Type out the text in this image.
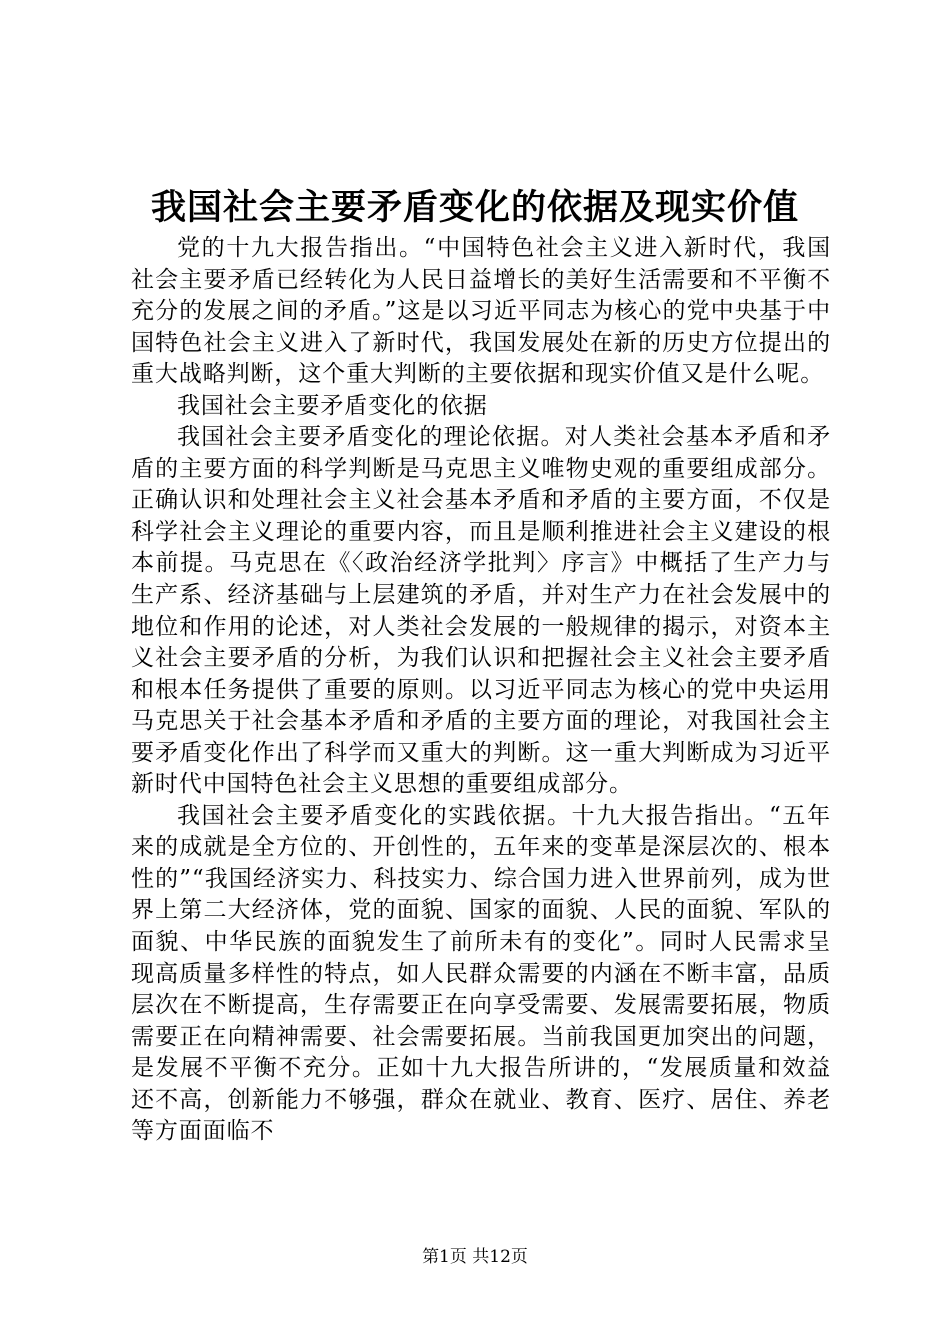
我国社会主要矛盾变化的依据及现实价值

党的十九大报告指出。“中国特色社会主义进入新时代，我国社会主要矛盾已经转化为人民日益增长的美好生活需要和不平衡不充分的发展之间的矛盾。”这是以习近平同志为核心的党中央基于中国特色社会主义进入了新时代，我国发展处在新的历史方位提出的重大战略判断，这个重大判断的主要依据和现实价值又是什么呢。

我国社会主要矛盾变化的依据

我国社会主要矛盾变化的理论依据。对人类社会基本矛盾和矛盾的主要方面的科学判断是马克思主义唯物史观的重要组成部分。正确认识和处理社会主义社会基本矛盾和矛盾的主要方面，不仅是科学社会主义理论的重要内容，而且是顺利推进社会主义建设的根本前提。马克思在《〈政治经济学批判〉序言》中概括了生产力与生产系、经济基础与上层建筑的矛盾，并对生产力在社会发展中的地位和作用的论述，对人类社会发展的一般规律的揭示，对资本主义社会主要矛盾的分析，为我们认识和把握社会主义社会主要矛盾和根本任务提供了重要的原则。以习近平同志为核心的党中央运用马克思关于社会基本矛盾和矛盾的主要方面的理论，对我国社会主要矛盾变化作出了科学而又重大的判断。这一重大判断成为习近平新时代中国特色社会主义思想的重要组成部分。

我国社会主要矛盾变化的实践依据。十九大报告指出。“五年来的成就是全方位的、开创性的，五年来的变革是深层次的、根本性的”“我国经济实力、科技实力、综合国力进入世界前列，成为世界上第二大经济体，党的面貌、国家的面貌、人民的面貌、军队的面貌、中华民族的面貌发生了前所未有的变化”。同时人民需求呈现高质量多样性的特点，如人民群众需要的内涵在不断丰富，品质层次在不断提高，生存需要正在向享受需要、发展需要拓展，物质需要正在向精神需要、社会需要拓展。当前我国更加突出的问题，是发展不平衡不充分。正如十九大报告所讲的，“发展质量和效益还不高，创新能力不够强，群众在就业、教育、医疗、居住、养老等方面面临不

第1页 共12页
